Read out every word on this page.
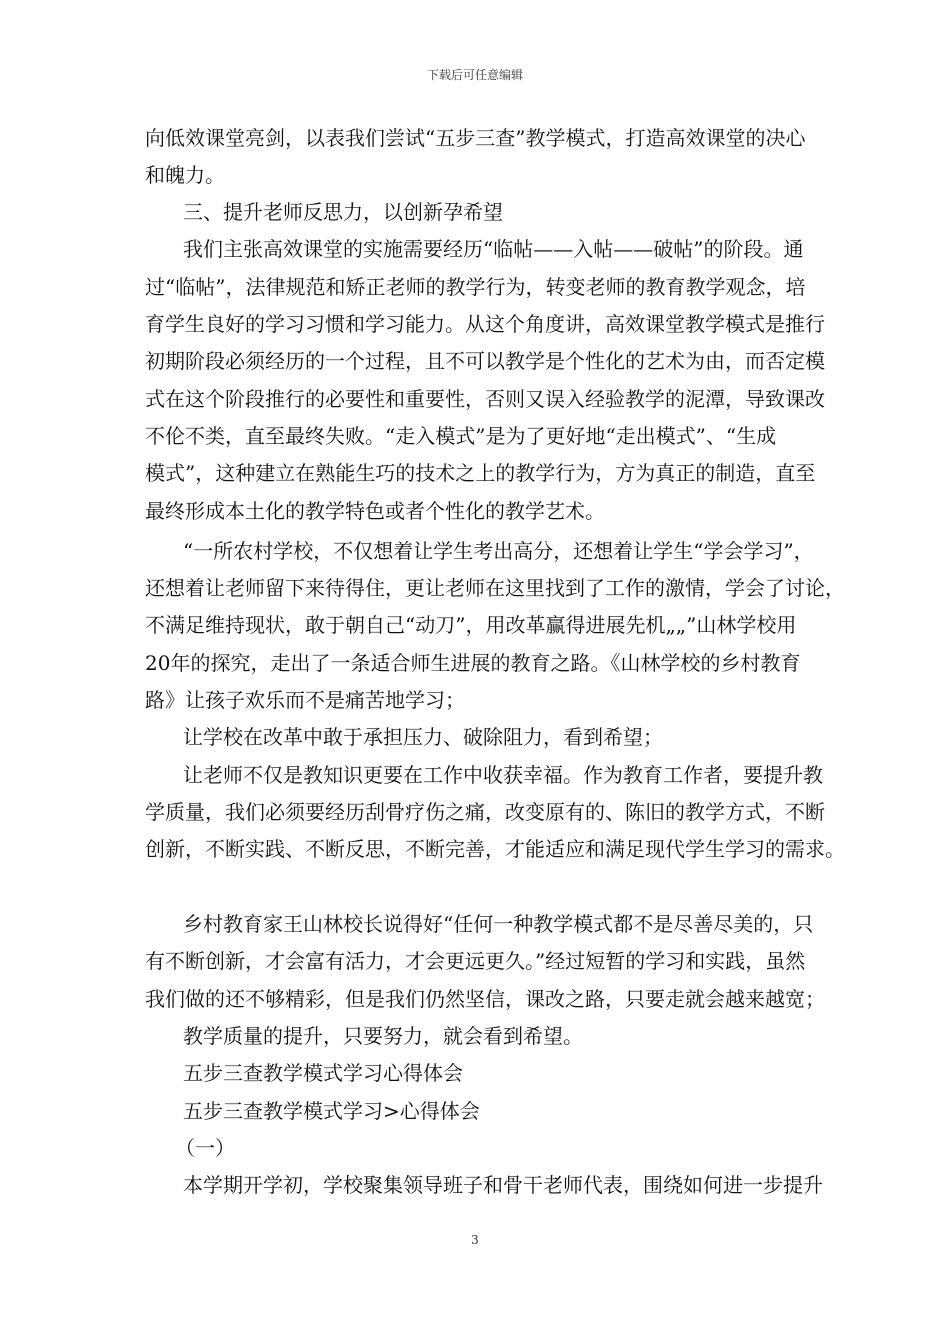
下载后可任意编辑
向低效课堂亮剑，以表我们尝试“五步三查”教学模式，打造高效课堂的决心
和魄力。
三、提升老师反思力，以创新孕希望
我们主张高效课堂的实施需要经历“临帖——入帖——破帖”的阶段。通
过“临帖”，法律规范和矫正老师的教学行为，转变老师的教育教学观念，培
育学生良好的学习习惯和学习能力。从这个角度讲，高效课堂教学模式是推行
初期阶段必须经历的一个过程，且不可以教学是个性化的艺术为由，而否定模
式在这个阶段推行的必要性和重要性，否则又误入经验教学的泥潭，导致课改
不伦不类，直至最终失败。“走入模式”是为了更好地“走出模式”、“生成
模式”，这种建立在熟能生巧的技术之上的教学行为，方为真正的制造，直至
最终形成本土化的教学特色或者个性化的教学艺术。
“一所农村学校，不仅想着让学生考出高分，还想着让学生“学会学习”，
还想着让老师留下来待得住，更让老师在这里找到了工作的激情，学会了讨论，
不满足维持现状，敢于朝自己“动刀”，用改革赢得进展先机„„”山林学校用
20年的探究，走出了一条适合师生进展的教育之路。《山林学校的乡村教育
路》让孩子欢乐而不是痛苦地学习；
让学校在改革中敢于承担压力、破除阻力，看到希望；
让老师不仅是教知识更要在工作中收获幸福。作为教育工作者，要提升教
学质量，我们必须要经历刮骨疗伤之痛，改变原有的、陈旧的教学方式，不断
创新，不断实践、不断反思，不断完善，才能适应和满足现代学生学习的需求。
乡村教育家王山林校长说得好“任何一种教学模式都不是尽善尽美的，只
有不断创新，才会富有活力，才会更远更久。”经过短暂的学习和实践，虽然
我们做的还不够精彩，但是我们仍然坚信，课改之路，只要走就会越来越宽；
教学质量的提升，只要努力，就会看到希望。
五步三查教学模式学习心得体会
五步三查教学模式学习>心得体会
（一）
本学期开学初，学校聚集领导班子和骨干老师代表，围绕如何进一步提升
3
